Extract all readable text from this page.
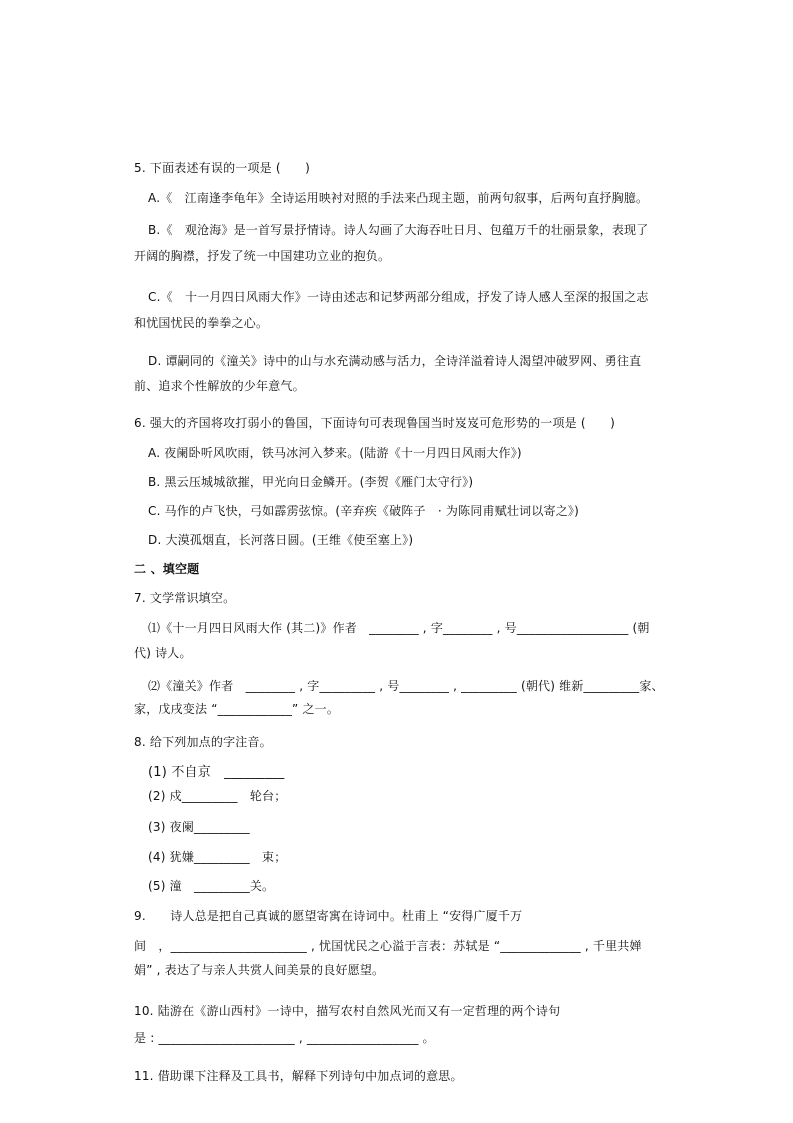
5. 下面表述有误的一项是 (　　)
A.《　江南逢李龟年》全诗运用映衬对照的手法来凸现主题，前两句叙事，后两句直抒胸臆。
B.《　观沧海》是一首写景抒情诗。诗人勾画了大海吞吐日月、包蕴万千的壮丽景象，表现了
开阔的胸襟，抒发了统一中国建功立业的抱负。
C.《　十一月四日风雨大作》一诗由述志和记梦两部分组成，抒发了诗人感人至深的报国之志
和忧国忧民的拳拳之心。
D. 谭嗣同的《潼关》诗中的山与水充满动感与活力，全诗洋溢着诗人渴望冲破罗网、勇往直
前、追求个性解放的少年意气。
6. 强大的齐国将攻打弱小的鲁国，下面诗句可表现鲁国当时岌岌可危形势的一项是 (　　)
A. 夜阑卧听风吹雨，铁马冰河入梦来。(陆游《十一月四日风雨大作》)
B. 黑云压城城欲摧，甲光向日金鳞开。(李贺《雁门太守行》)
C. 马作的卢飞快，弓如霹雳弦惊。(辛弃疾《破阵子　· 为陈同甫赋壮词以寄之》)
D. 大漠孤烟直，长河落日圆。(王维《使至塞上》)
二 、填空题
7. 文学常识填空。
⑴《十一月四日风雨大作 (其二)》作者　________ , 字________ , 号__________________ (朝
代) 诗人。
⑵《潼关》作者　________ , 字_________ , 号________ , _________ (朝代) 维新_________家、
家，戊戌变法 “____________” 之一。
8. 给下列加点的字注音。
(1) 不自京　_________
(2) 戍_________　轮台；
(3) 夜阑_________
(4) 犹嫌_________　束；
(5) 潼　_________关。
9.　　诗人总是把自己真诚的愿望寄寓在诗词中。杜甫上 “安得广厦千万
间　，______________________ , 忧国忧民之心溢于言表：苏轼是 “_____________ , 千里共婵
娟” , 表达了与亲人共赏人间美景的良好愿望。
10. 陆游在《游山西村》一诗中，描写农村自然风光而又有一定哲理的两个诗句
是 : ______________________ , __________________ 。
11. 借助课下注释及工具书，解释下列诗句中加点词的意思。
